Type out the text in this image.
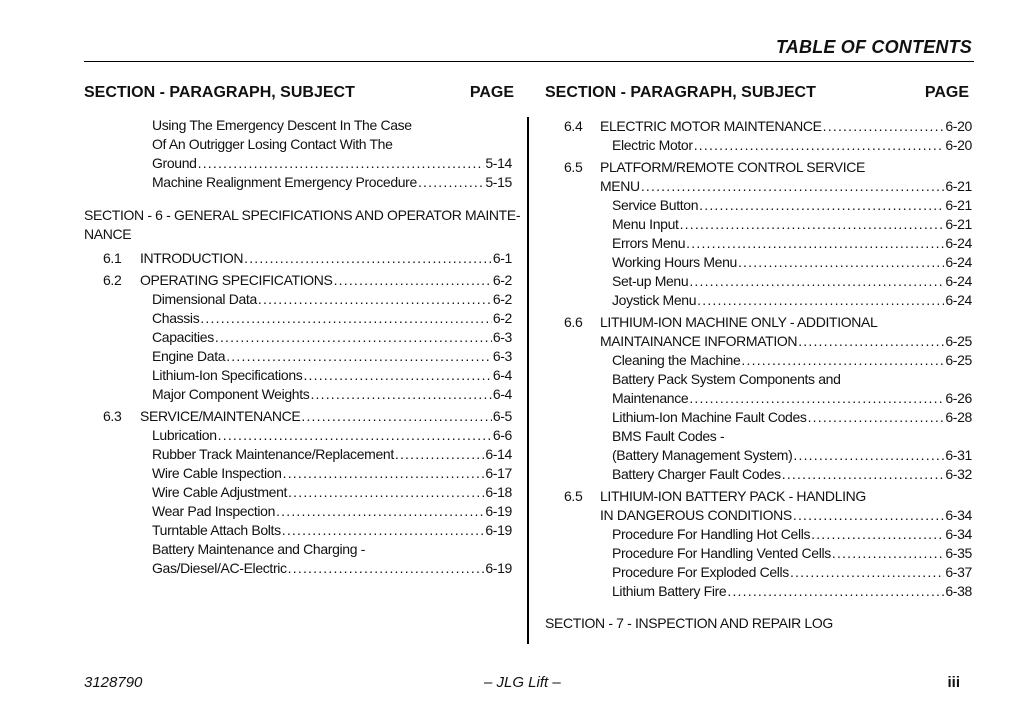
TABLE OF CONTENTS
SECTION - PARAGRAPH, SUBJECT	PAGE SECTION - PARAGRAPH, SUBJECT	PAGE
Using The Emergency Descent In The Case
Of An Outrigger Losing Contact With The
Ground .....	5-14
Machine Realignment Emergency Procedure .....	5-15
SECTION - 6 - GENERAL SPECIFICATIONS AND OPERATOR MAINTE-
NANCE
6.1 INTRODUCTION .....	6-1
6.2 OPERATING SPECIFICATIONS .....	6-2
Dimensional Data .....	6-2
Chassis .....	6-2
Capacities .....	6-3
Engine Data .....	6-3
Lithium-Ion Specifications .....	6-4
Major Component Weights .....	6-4
6.3 SERVICE/MAINTENANCE .....	6-5
Lubrication .....	6-6
Rubber Track Maintenance/Replacement .....	6-14
Wire Cable Inspection .....	6-17
Wire Cable Adjustment .....	6-18
Wear Pad Inspection .....	6-19
Turntable Attach Bolts .....	6-19
Battery Maintenance and Charging -
Gas/Diesel/AC-Electric .....	6-19
6.4 ELECTRIC MOTOR MAINTENANCE .....	6-20
Electric Motor .....	6-20
6.5 PLATFORM/REMOTE CONTROL SERVICE
MENU .....	6-21
Service Button .....	6-21
Menu Input .....	6-21
Errors Menu .....	6-24
Working Hours Menu .....	6-24
Set-up Menu .....	6-24
Joystick Menu .....	6-24
6.6 LITHIUM-ION MACHINE ONLY - ADDITIONAL
MAINTAINANCE INFORMATION .....	6-25
Cleaning the Machine .....	6-25
Battery Pack System Components and
Maintenance .....	6-26
Lithium-Ion Machine Fault Codes .....	6-28
BMS Fault Codes -
(Battery Management System) .....	6-31
Battery Charger Fault Codes .....	6-32
6.5 LITHIUM-ION BATTERY PACK - HANDLING
IN DANGEROUS CONDITIONS .....	6-34
Procedure For Handling Hot Cells .....	6-34
Procedure For Handling Vented Cells .....	6-35
Procedure For Exploded Cells .....	6-37
Lithium Battery Fire .....	6-38
SECTION - 7 - INSPECTION AND REPAIR LOG
3128790	– JLG Lift –	iii
